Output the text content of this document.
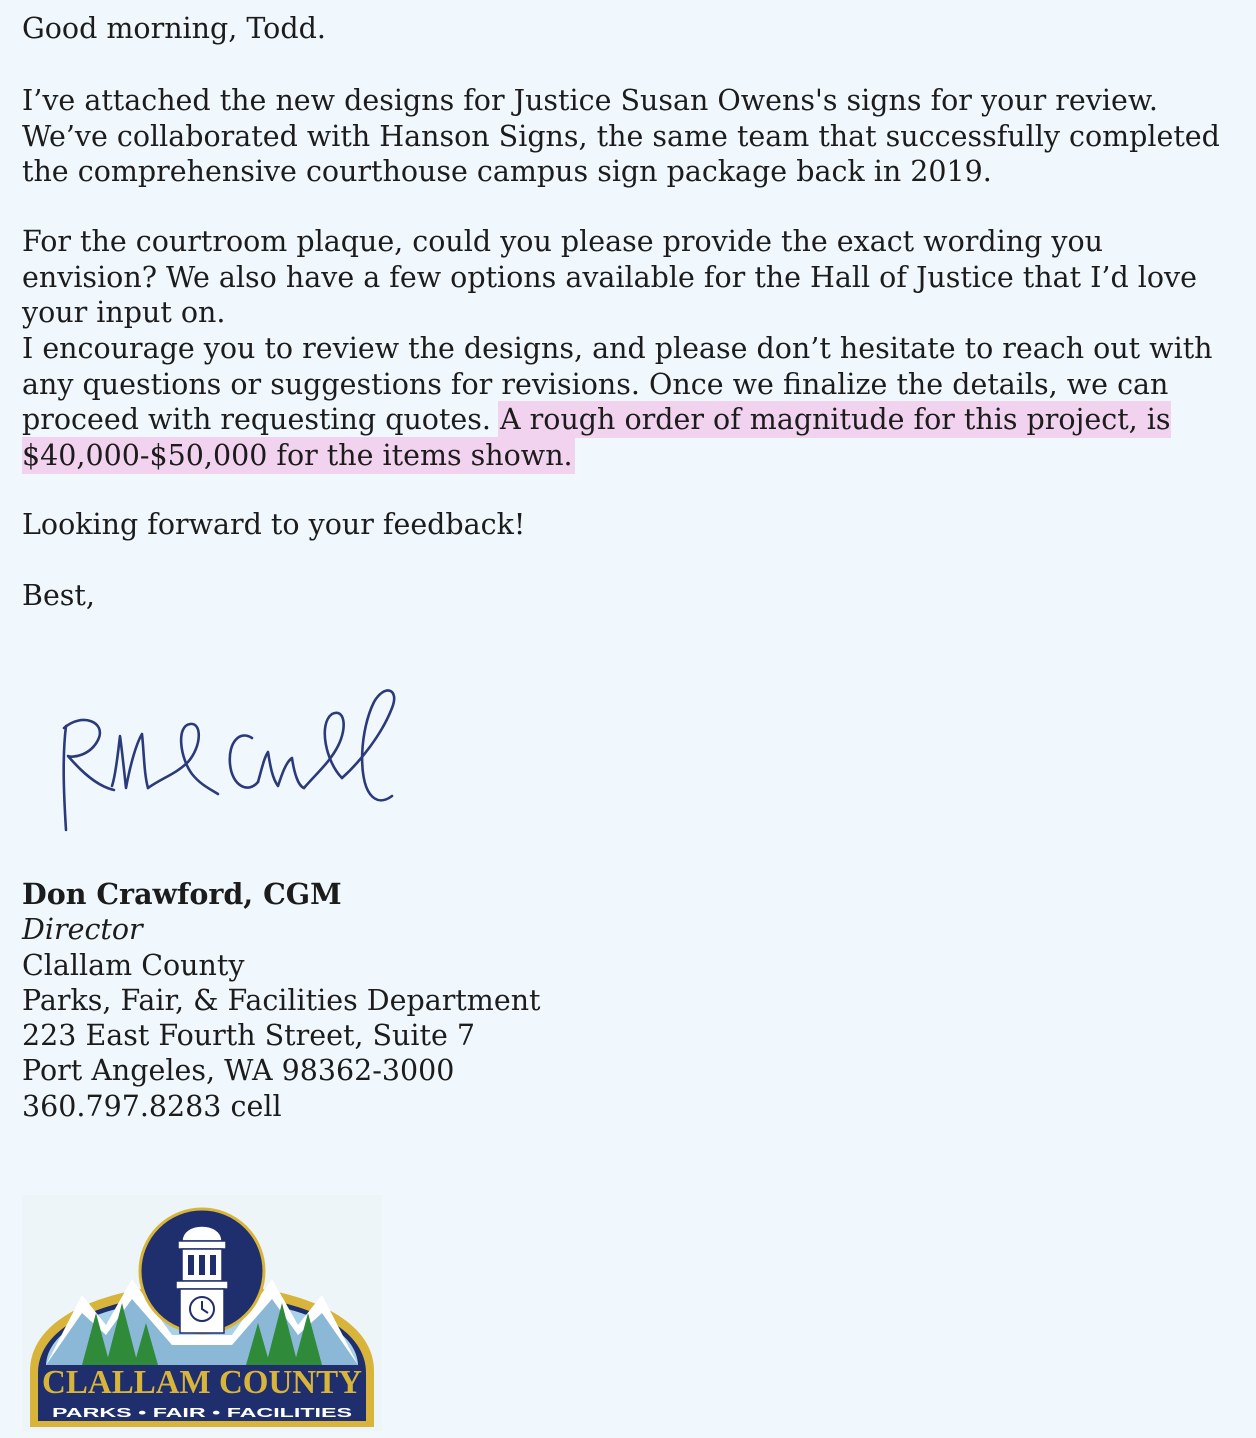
Good morning, Todd.

I’ve attached the new designs for Justice Susan Owens's signs for your review. We’ve collaborated with Hanson Signs, the same team that successfully completed the comprehensive courthouse campus sign package back in 2019.

For the courtroom plaque, could you please provide the exact wording you envision? We also have a few options available for the Hall of Justice that I’d love your input on.

I encourage you to review the designs, and please don’t hesitate to reach out with any questions or suggestions for revisions. Once we finalize the details, we can proceed with requesting quotes. A rough order of magnitude for this project, is $40,000-$50,000 for the items shown.

Looking forward to your feedback!

Best,

Don Crawford, CGM

Director

Clallam County

Parks, Fair, & Facilities Department

223 East Fourth Street, Suite 7

Port Angeles, WA 98362-3000

360.797.8283 cell

CLALLAM COUNTY
PARKS • FAIR • FACILITIES
